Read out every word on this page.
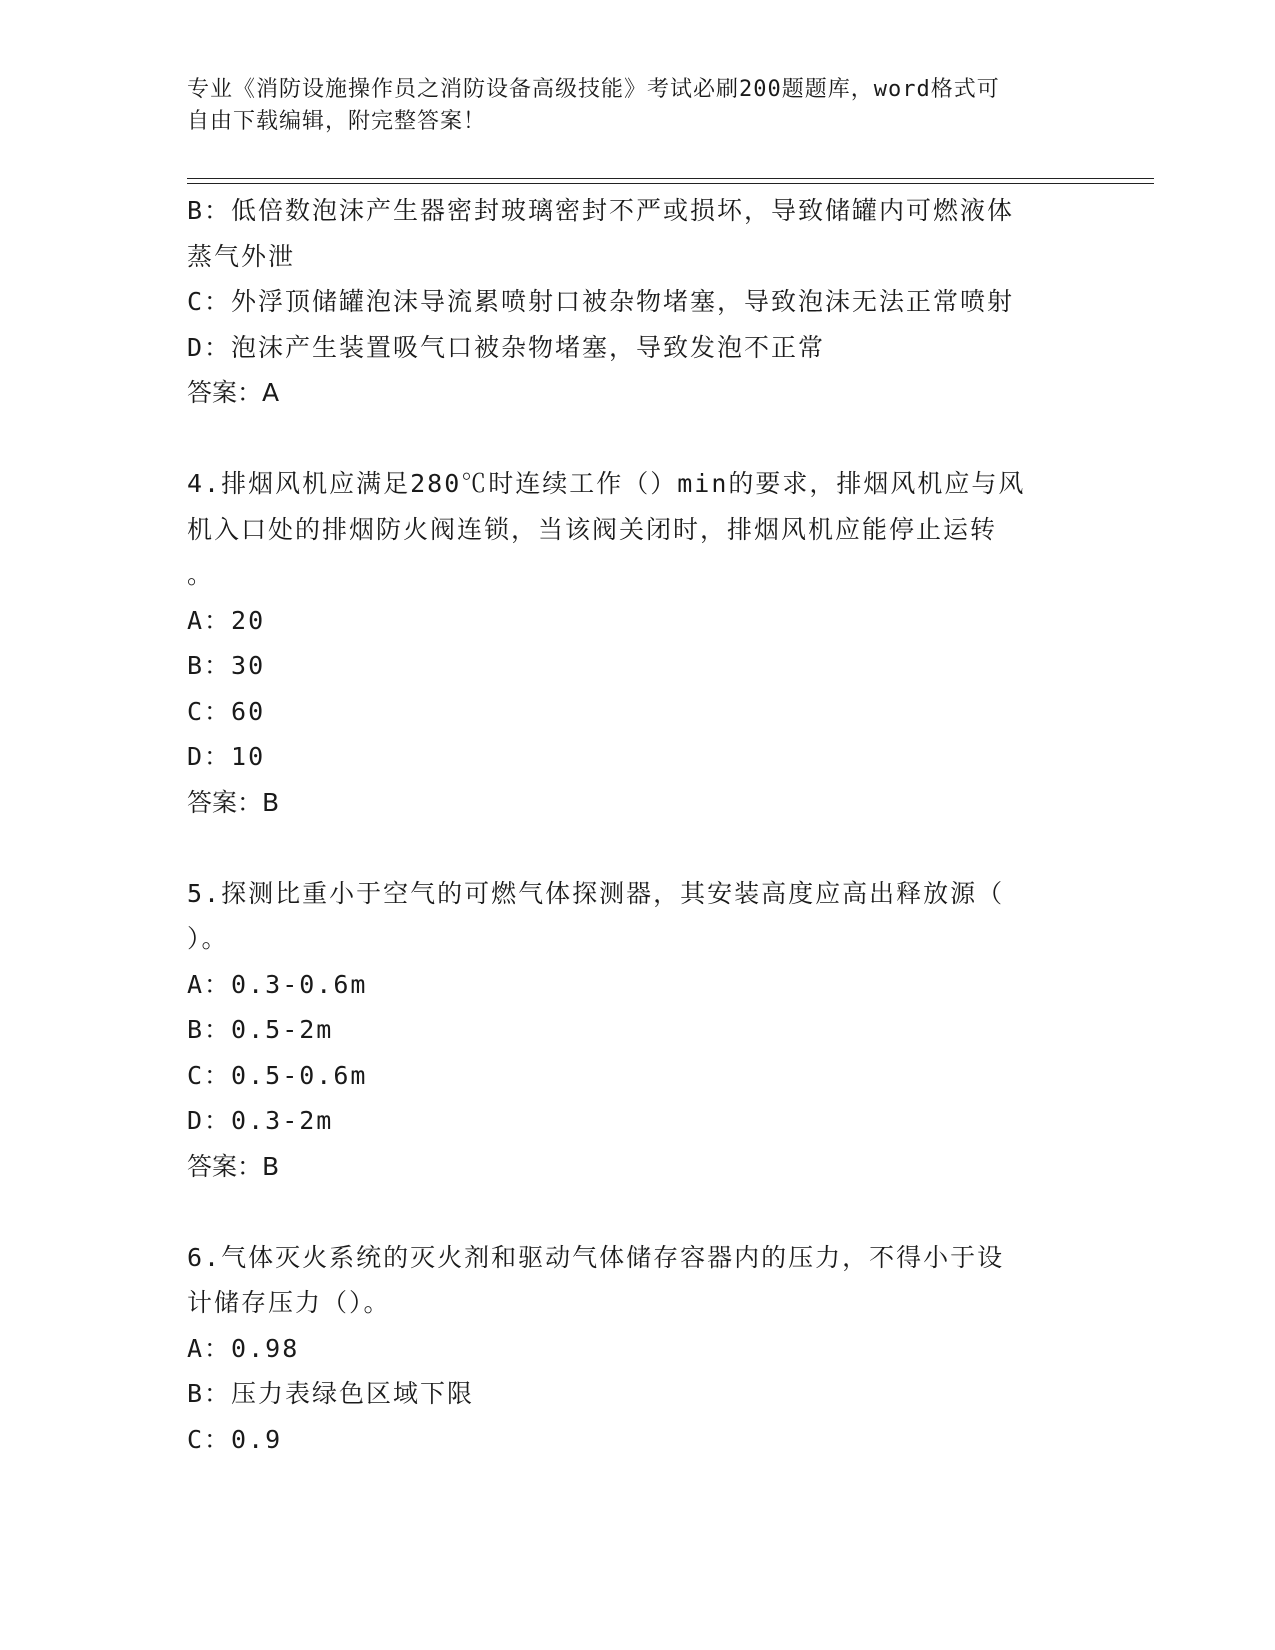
专业《消防设施操作员之消防设备高级技能》考试必刷200题题库，word格式可
自由下载编辑，附完整答案！
B：低倍数泡沫产生器密封玻璃密封不严或损坏，导致储罐内可燃液体
蒸气外泄
C：外浮顶储罐泡沫导流累喷射口被杂物堵塞，导致泡沫无法正常喷射
D：泡沫产生装置吸气口被杂物堵塞，导致发泡不正常
答案：A
4.排烟风机应满足280℃时连续工作（）min的要求，排烟风机应与风
机入口处的排烟防火阀连锁，当该阀关闭时，排烟风机应能停止运转
。
A：20
B：30
C：60
D：10
答案：B
5.探测比重小于空气的可燃气体探测器，其安装高度应高出释放源（
）。
A：0.3-0.6m
B：0.5-2m
C：0.5-0.6m
D：0.3-2m
答案：B
6.气体灭火系统的灭火剂和驱动气体储存容器内的压力，不得小于设
计储存压力（）。
A：0.98
B：压力表绿色区域下限
C：0.9
